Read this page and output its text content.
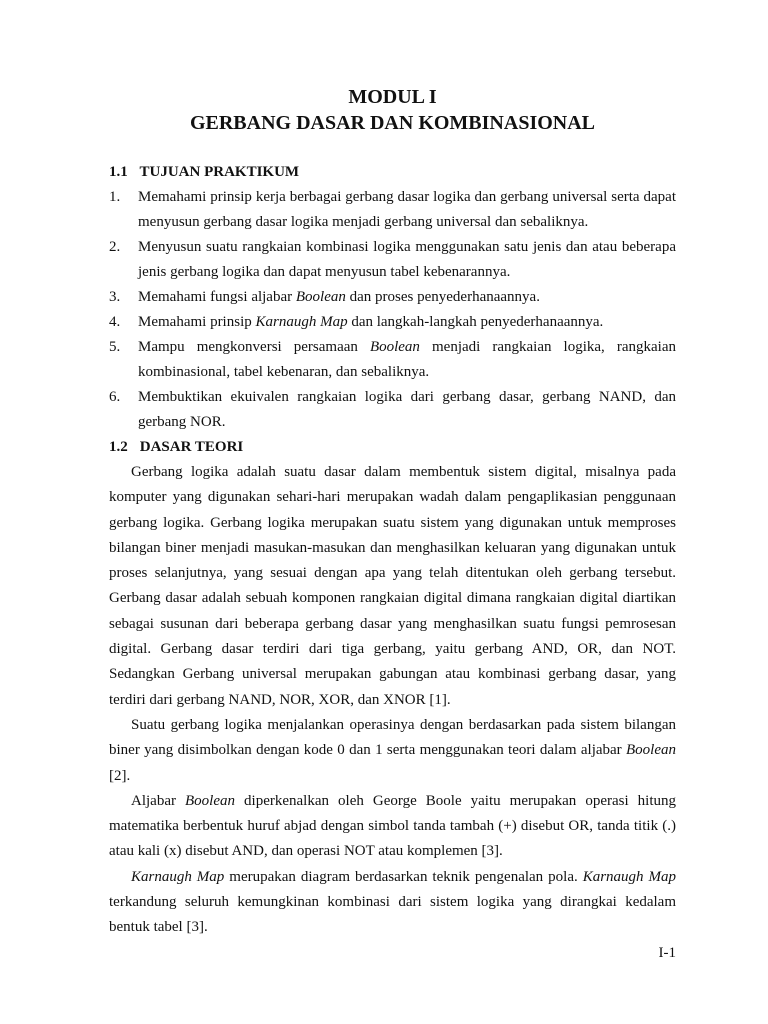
MODUL I
GERBANG DASAR DAN KOMBINASIONAL
1.1 TUJUAN PRAKTIKUM
1. Memahami prinsip kerja berbagai gerbang dasar logika dan gerbang universal serta dapat menyusun gerbang dasar logika menjadi gerbang universal dan sebaliknya.
2. Menyusun suatu rangkaian kombinasi logika menggunakan satu jenis dan atau beberapa jenis gerbang logika dan dapat menyusun tabel kebenarannya.
3. Memahami fungsi aljabar Boolean dan proses penyederhanaannya.
4. Memahami prinsip Karnaugh Map dan langkah-langkah penyederhanaannya.
5. Mampu mengkonversi persamaan Boolean menjadi rangkaian logika, rangkaian kombinasional, tabel kebenaran, dan sebaliknya.
6. Membuktikan ekuivalen rangkaian logika dari gerbang dasar, gerbang NAND, dan gerbang NOR.
1.2 DASAR TEORI

Gerbang logika adalah suatu dasar dalam membentuk sistem digital, misalnya pada komputer yang digunakan sehari-hari merupakan wadah dalam pengaplikasian penggunaan gerbang logika. Gerbang logika merupakan suatu sistem yang digunakan untuk memproses bilangan biner menjadi masukan-masukan dan menghasilkan keluaran yang digunakan untuk proses selanjutnya, yang sesuai dengan apa yang telah ditentukan oleh gerbang tersebut. Gerbang dasar adalah sebuah komponen rangkaian digital dimana rangkaian digital diartikan sebagai susunan dari beberapa gerbang dasar yang menghasilkan suatu fungsi pemrosesan digital. Gerbang dasar terdiri dari tiga gerbang, yaitu gerbang AND, OR, dan NOT. Sedangkan Gerbang universal merupakan gabungan atau kombinasi gerbang dasar, yang terdiri dari gerbang NAND, NOR, XOR, dan XNOR [1].

Suatu gerbang logika menjalankan operasinya dengan berdasarkan pada sistem bilangan biner yang disimbolkan dengan kode 0 dan 1 serta menggunakan teori dalam aljabar Boolean [2].

Aljabar Boolean diperkenalkan oleh George Boole yaitu merupakan operasi hitung matematika berbentuk huruf abjad dengan simbol tanda tambah (+) disebut OR, tanda titik (.) atau kali (x) disebut AND, dan operasi NOT atau komplemen [3].

Karnaugh Map merupakan diagram berdasarkan teknik pengenalan pola. Karnaugh Map terkandung seluruh kemungkinan kombinasi dari sistem logika yang dirangkai kedalam bentuk tabel [3].

I-1
